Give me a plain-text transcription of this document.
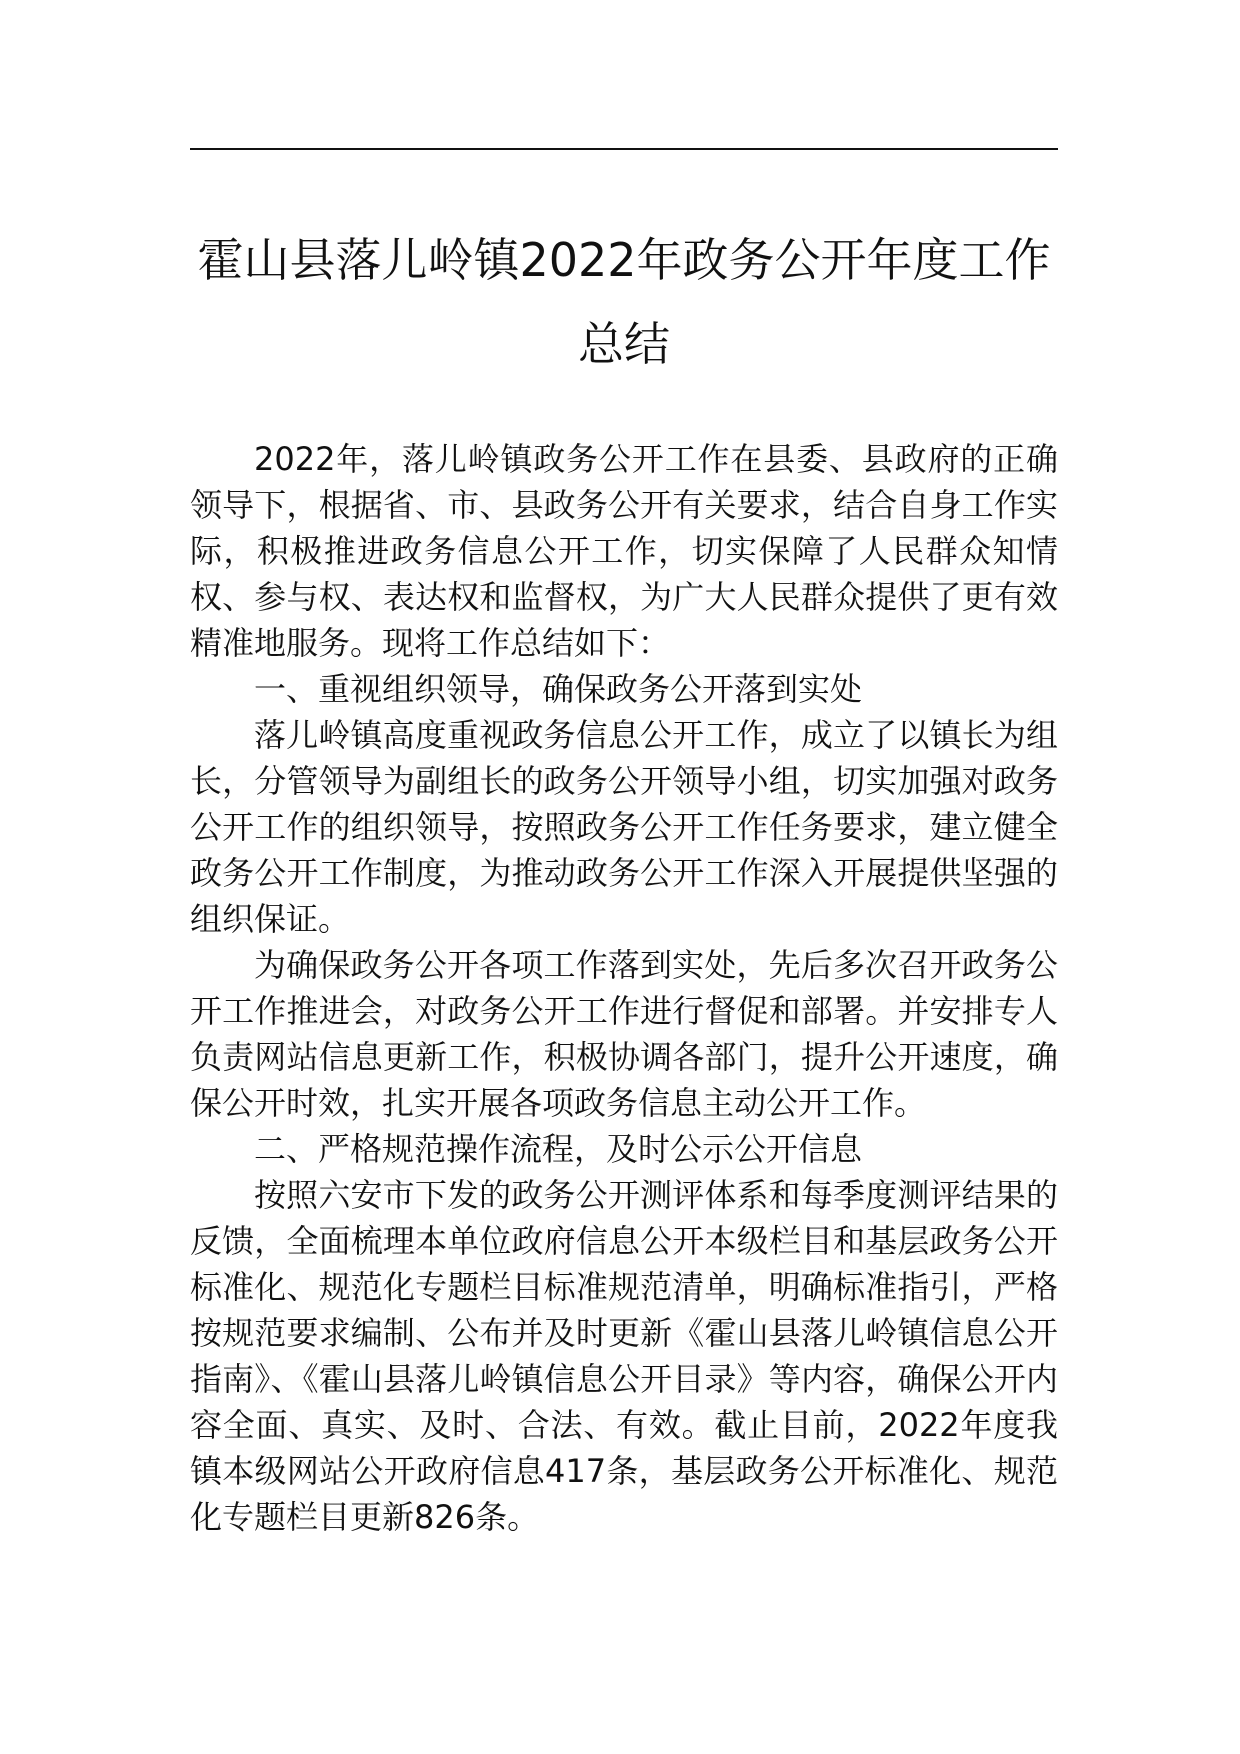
霍山县落儿岭镇2022年政务公开年度工作
总结

2022年，落儿岭镇政务公开工作在县委、县政府的正确领导下，根据省、市、县政务公开有关要求，结合自身工作实际，积极推进政务信息公开工作，切实保障了人民群众知情权、参与权、表达权和监督权，为广大人民群众提供了更有效精准地服务。现将工作总结如下：

一、重视组织领导，确保政务公开落到实处

落儿岭镇高度重视政务信息公开工作，成立了以镇长为组长，分管领导为副组长的政务公开领导小组，切实加强对政务公开工作的组织领导，按照政务公开工作任务要求，建立健全政务公开工作制度，为推动政务公开工作深入开展提供坚强的组织保证。

为确保政务公开各项工作落到实处，先后多次召开政务公开工作推进会，对政务公开工作进行督促和部署。并安排专人负责网站信息更新工作，积极协调各部门，提升公开速度，确保公开时效，扎实开展各项政务信息主动公开工作。

二、严格规范操作流程，及时公示公开信息

按照六安市下发的政务公开测评体系和每季度测评结果的反馈，全面梳理本单位政府信息公开本级栏目和基层政务公开标准化、规范化专题栏目标准规范清单，明确标准指引，严格按规范要求编制、公布并及时更新《霍山县落儿岭镇信息公开指南》、《霍山县落儿岭镇信息公开目录》等内容，确保公开内容全面、真实、及时、合法、有效。截止目前，2022年度我镇本级网站公开政府信息417条，基层政务公开标准化、规范化专题栏目更新826条。
